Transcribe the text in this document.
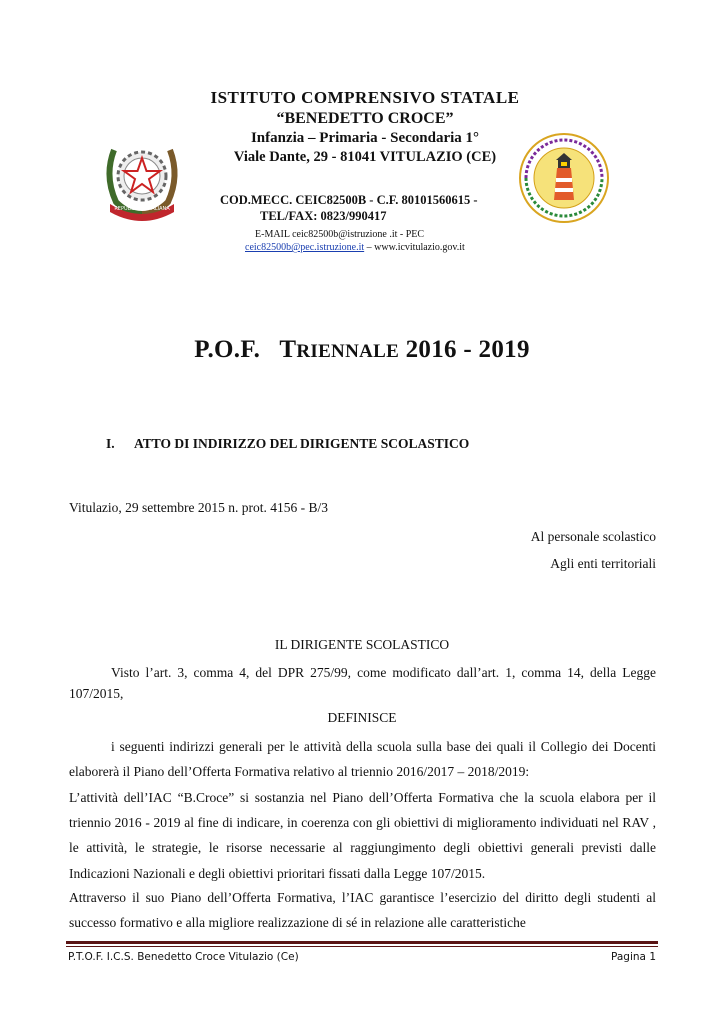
REPUBBLICA ITALIANA
ISTITUTO COMPRENSIVO STATALE
“BENEDETTO CROCE”
Infanzia – Primaria - Secondaria 1°
Viale Dante, 29 - 81041 VITULAZIO (CE)
COD.MECC. CEIC82500B - C.F. 80101560615 -
TEL/FAX: 0823/990417
E-MAIL ceic82500b@istruzione .it - PEC
ceic82500b@pec.istruzione.it – www.icvitulazio.gov.it
P.O.F. TRIENNALE 2016 - 2019
I. ATTO DI INDIRIZZO DEL DIRIGENTE SCOLASTICO
Vitulazio, 29 settembre 2015 n. prot. 4156 - B/3
Al personale scolastico
Agli enti territoriali
IL DIRIGENTE SCOLASTICO
Visto l’art. 3, comma 4, del DPR 275/99, come modificato dall’art. 1, comma 14, della Legge 107/2015,
DEFINISCE
i seguenti indirizzi generali per le attività della scuola sulla base dei quali il Collegio dei Docenti elaborerà il Piano dell’Offerta Formativa relativo al triennio 2016/2017 – 2018/2019:
L’attività dell’IAC “B.Croce” si sostanzia nel Piano dell’Offerta Formativa che la scuola elabora per il triennio 2016 - 2019 al fine di indicare, in coerenza con gli obiettivi di miglioramento individuati nel RAV , le attività, le strategie, le risorse necessarie al raggiungimento degli obiettivi generali previsti dalle Indicazioni Nazionali e degli obiettivi prioritari fissati dalla Legge 107/2015.
Attraverso il suo Piano dell’Offerta Formativa, l’IAC garantisce l’esercizio del diritto degli studenti al successo formativo e alla migliore realizzazione di sé in relazione alle caratteristiche
P.T.O.F. I.C.S. Benedetto Croce Vitulazio (Ce)	Pagina 1
